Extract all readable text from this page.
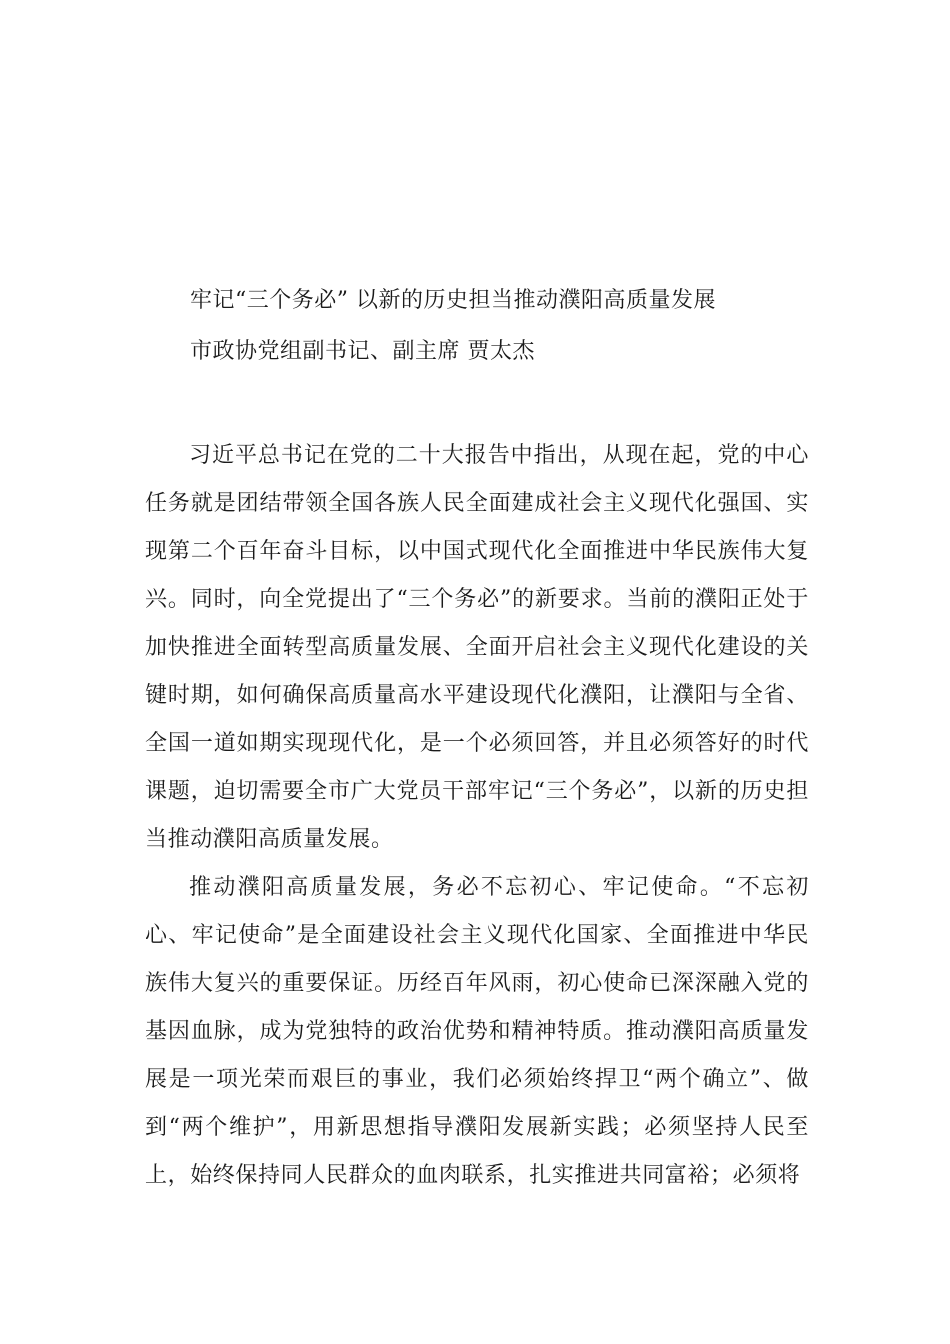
牢记“三个务必” 以新的历史担当推动濮阳高质量发展
市政协党组副书记、副主席 贾太杰

习近平总书记在党的二十大报告中指出，从现在起，党的中心任务就是团结带领全国各族人民全面建成社会主义现代化强国、实现第二个百年奋斗目标，以中国式现代化全面推进中华民族伟大复兴。同时，向全党提出了“三个务必”的新要求。当前的濮阳正处于加快推进全面转型高质量发展、全面开启社会主义现代化建设的关键时期，如何确保高质量高水平建设现代化濮阳，让濮阳与全省、全国一道如期实现现代化，是一个必须回答，并且必须答好的时代课题，迫切需要全市广大党员干部牢记“三个务必”，以新的历史担当推动濮阳高质量发展。

推动濮阳高质量发展，务必不忘初心、牢记使命。“不忘初心、牢记使命”是全面建设社会主义现代化国家、全面推进中华民族伟大复兴的重要保证。历经百年风雨，初心使命已深深融入党的基因血脉，成为党独特的政治优势和精神特质。推动濮阳高质量发展是一项光荣而艰巨的事业，我们必须始终捍卫“两个确立”、做到“两个维护”，用新思想指导濮阳发展新实践；必须坚持人民至上，始终保持同人民群众的血肉联系，扎实推进共同富裕；必须将
